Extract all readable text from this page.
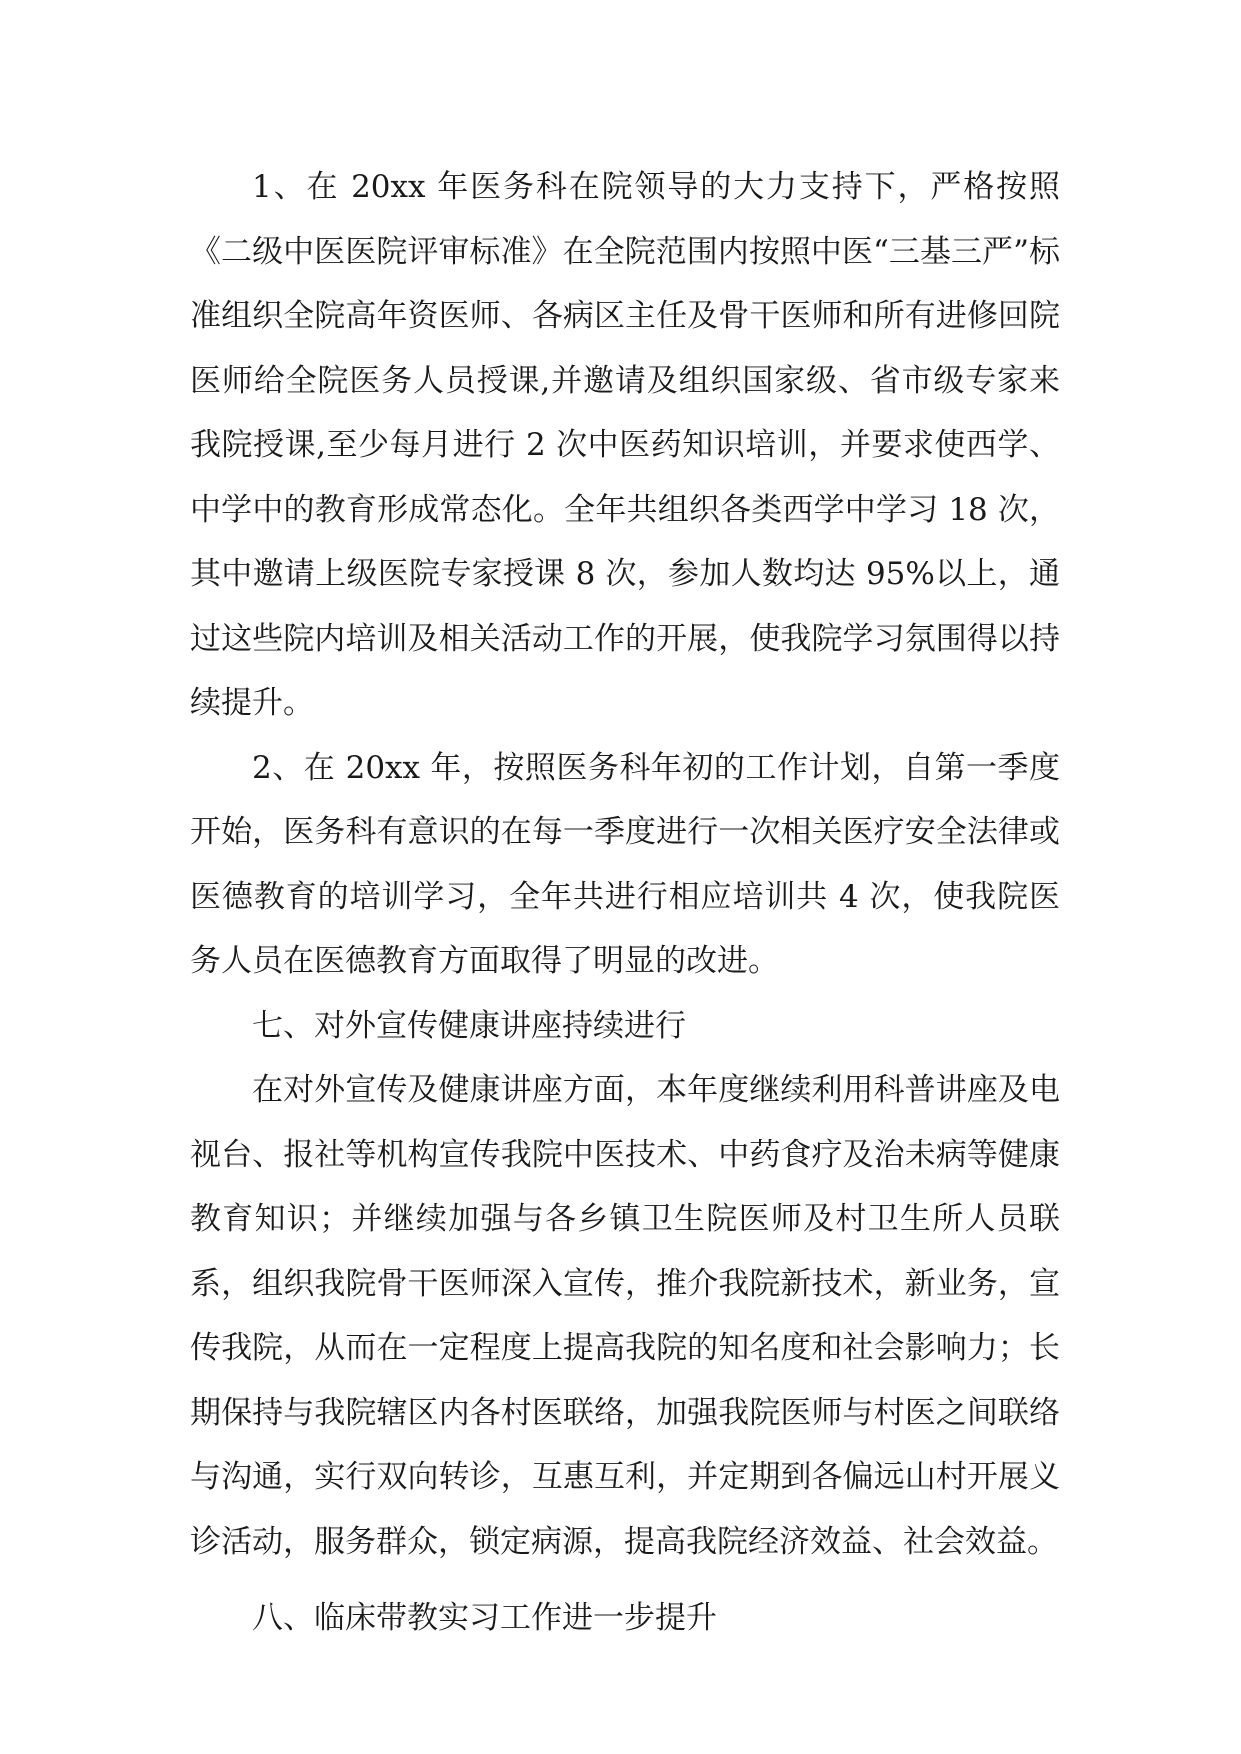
1、在 20xx 年医务科在院领导的大力支持下，严格按照《二级中医医院评审标准》在全院范围内按照中医“三基三严”标准组织全院高年资医师、各病区主任及骨干医师和所有进修回院医师给全院医务人员授课,并邀请及组织国家级、省市级专家来我院授课,至少每月进行 2 次中医药知识培训，并要求使西学、中学中的教育形成常态化。全年共组织各类西学中学习 18 次，其中邀请上级医院专家授课 8 次，参加人数均达 95%以上，通过这些院内培训及相关活动工作的开展，使我院学习氛围得以持续提升。

2、在 20xx 年，按照医务科年初的工作计划，自第一季度开始，医务科有意识的在每一季度进行一次相关医疗安全法律或医德教育的培训学习，全年共进行相应培训共 4 次，使我院医务人员在医德教育方面取得了明显的改进。

七、对外宣传健康讲座持续进行

在对外宣传及健康讲座方面，本年度继续利用科普讲座及电视台、报社等机构宣传我院中医技术、中药食疗及治未病等健康教育知识；并继续加强与各乡镇卫生院医师及村卫生所人员联系，组织我院骨干医师深入宣传，推介我院新技术，新业务，宣传我院，从而在一定程度上提高我院的知名度和社会影响力；长期保持与我院辖区内各村医联络，加强我院医师与村医之间联络与沟通，实行双向转诊，互惠互利，并定期到各偏远山村开展义诊活动，服务群众，锁定病源，提高我院经济效益、社会效益。

八、临床带教实习工作进一步提升
